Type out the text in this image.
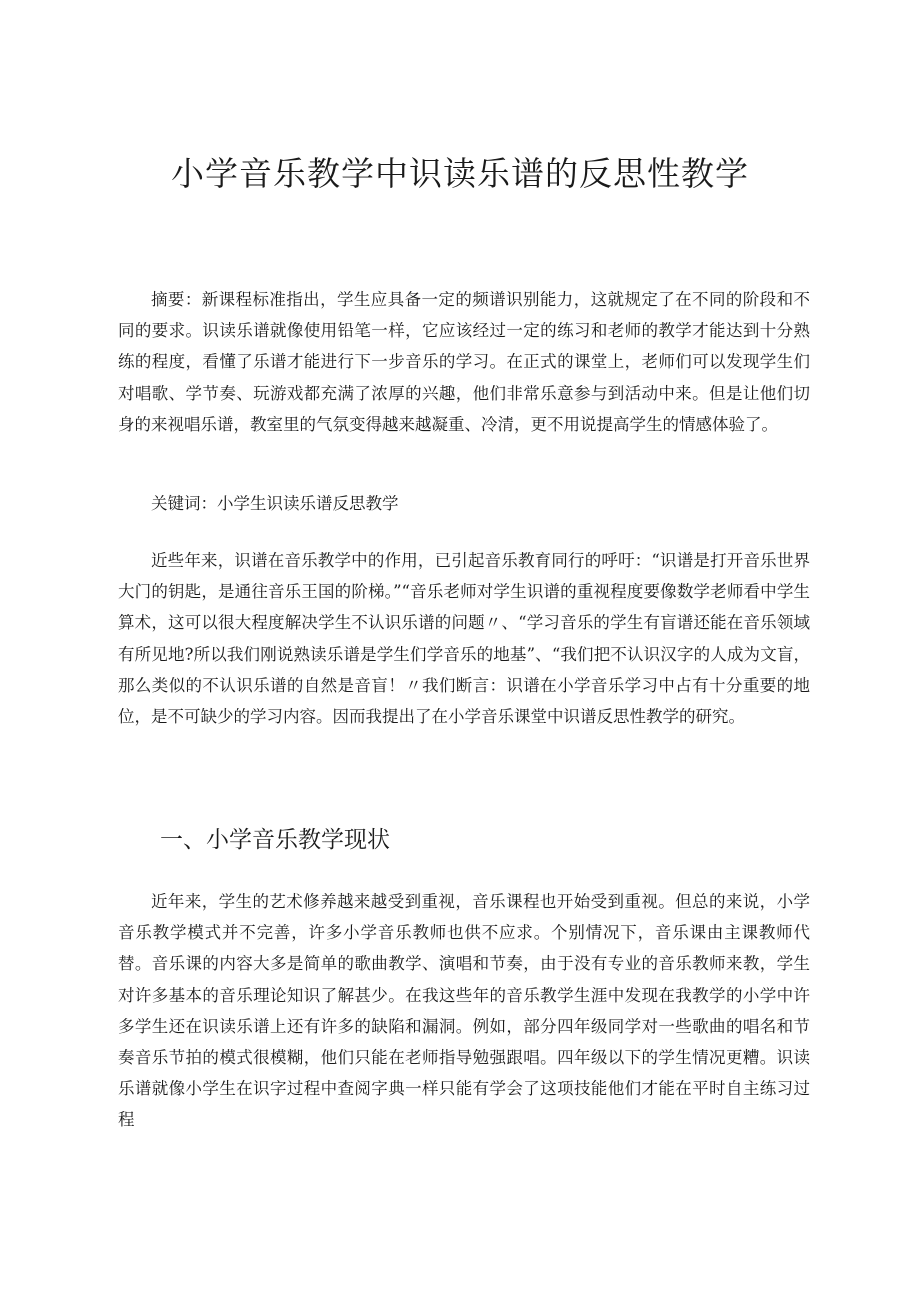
小学音乐教学中识读乐谱的反思性教学

摘要：新课程标准指出，学生应具备一定的频谱识别能力，这就规定了在不同的阶段和不同的要求。识读乐谱就像使用铅笔一样，它应该经过一定的练习和老师的教学才能达到十分熟练的程度，看懂了乐谱才能进行下一步音乐的学习。在正式的课堂上，老师们可以发现学生们对唱歌、学节奏、玩游戏都充满了浓厚的兴趣，他们非常乐意参与到活动中来。但是让他们切身的来视唱乐谱，教室里的气氛变得越来越凝重、冷清，更不用说提高学生的情感体验了。

关键词：小学生识读乐谱反思教学

近些年来，识谱在音乐教学中的作用，已引起音乐教育同行的呼吁：“识谱是打开音乐世界大门的钥匙，是通往音乐王国的阶梯。”“音乐老师对学生识谱的重视程度要像数学老师看中学生算术，这可以很大程度解决学生不认识乐谱的问题〃、“学习音乐的学生有盲谱还能在音乐领域有所见地?所以我们刚说熟读乐谱是学生们学音乐的地基”、“我们把不认识汉字的人成为文盲，那么类似的不认识乐谱的自然是音盲！〃我们断言：识谱在小学音乐学习中占有十分重要的地位，是不可缺少的学习内容。因而我提出了在小学音乐课堂中识谱反思性教学的研究。

一、小学音乐教学现状

近年来，学生的艺术修养越来越受到重视，音乐课程也开始受到重视。但总的来说，小学音乐教学模式并不完善，许多小学音乐教师也供不应求。个别情况下，音乐课由主课教师代替。音乐课的内容大多是简单的歌曲教学、演唱和节奏，由于没有专业的音乐教师来教，学生对许多基本的音乐理论知识了解甚少。在我这些年的音乐教学生涯中发现在我教学的小学中许多学生还在识读乐谱上还有许多的缺陷和漏洞。例如，部分四年级同学对一些歌曲的唱名和节奏音乐节拍的模式很模糊，他们只能在老师指导勉强跟唱。四年级以下的学生情况更糟。识读乐谱就像小学生在识字过程中查阅字典一样只能有学会了这项技能他们才能在平时自主练习过程
